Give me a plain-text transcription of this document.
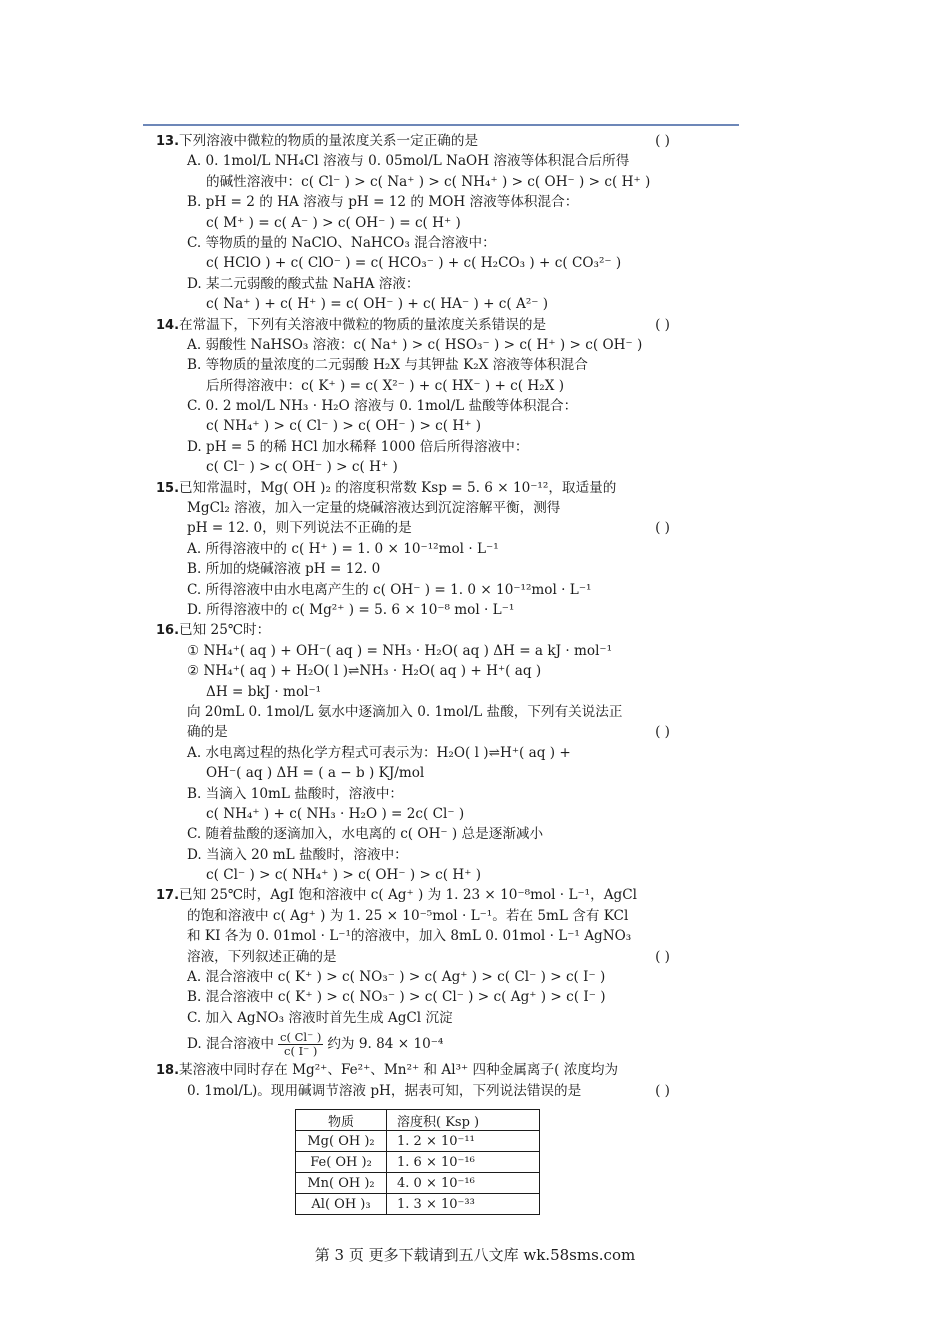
13.下列溶液中微粒的物质的量浓度关系一定正确的是	( )
A. 0. 1mol/L NH₄Cl 溶液与 0. 05mol/L NaOH 溶液等体积混合后所得
的碱性溶液中：c( Cl⁻ ) > c( Na⁺ ) > c( NH₄⁺ ) > c( OH⁻ ) > c( H⁺ )
B. pH = 2 的 HA 溶液与 pH = 12 的 MOH 溶液等体积混合：
c( M⁺ ) = c( A⁻ ) > c( OH⁻ ) = c( H⁺ )
C. 等物质的量的 NaClO、NaHCO₃ 混合溶液中：
c( HClO ) + c( ClO⁻ ) = c( HCO₃⁻ ) + c( H₂CO₃ ) + c( CO₃²⁻ )
D. 某二元弱酸的酸式盐 NaHA 溶液：
c( Na⁺ ) + c( H⁺ ) = c( OH⁻ ) + c( HA⁻ ) + c( A²⁻ )
14.在常温下，下列有关溶液中微粒的物质的量浓度关系错误的是	( )
A. 弱酸性 NaHSO₃ 溶液：c( Na⁺ ) > c( HSO₃⁻ ) > c( H⁺ ) > c( OH⁻ )
B. 等物质的量浓度的二元弱酸 H₂X 与其钾盐 K₂X 溶液等体积混合
后所得溶液中：c( K⁺ ) = c( X²⁻ ) + c( HX⁻ ) + c( H₂X )
C. 0. 2 mol/L NH₃ · H₂O 溶液与 0. 1mol/L 盐酸等体积混合：
c( NH₄⁺ ) > c( Cl⁻ ) > c( OH⁻ ) > c( H⁺ )
D. pH = 5 的稀 HCl 加水稀释 1000 倍后所得溶液中：
c( Cl⁻ ) > c( OH⁻ ) > c( H⁺ )
15.已知常温时，Mg( OH )₂ 的溶度积常数 Ksp = 5. 6 × 10⁻¹²，取适量的
MgCl₂ 溶液，加入一定量的烧碱溶液达到沉淀溶解平衡，测得
pH = 12. 0，则下列说法不正确的是	( )
A. 所得溶液中的 c( H⁺ ) = 1. 0 × 10⁻¹²mol · L⁻¹
B. 所加的烧碱溶液 pH = 12. 0
C. 所得溶液中由水电离产生的 c( OH⁻ ) = 1. 0 × 10⁻¹²mol · L⁻¹
D. 所得溶液中的 c( Mg²⁺ ) = 5. 6 × 10⁻⁸ mol · L⁻¹
16.已知 25℃时：
① NH₄⁺( aq ) + OH⁻( aq ) = NH₃ · H₂O( aq ) ΔH = a kJ · mol⁻¹
② NH₄⁺( aq ) + H₂O( l )⇌NH₃ · H₂O( aq ) + H⁺( aq )
ΔH = bkJ · mol⁻¹
向 20mL 0. 1mol/L 氨水中逐滴加入 0. 1mol/L 盐酸，下列有关说法正
确的是	( )
A. 水电离过程的热化学方程式可表示为：H₂O( l )⇌H⁺( aq ) +
OH⁻( aq ) ΔH = ( a − b ) KJ/mol
B. 当滴入 10mL 盐酸时，溶液中：
c( NH₄⁺ ) + c( NH₃ · H₂O ) = 2c( Cl⁻ )
C. 随着盐酸的逐滴加入，水电离的 c( OH⁻ ) 总是逐渐减小
D. 当滴入 20 mL 盐酸时，溶液中：
c( Cl⁻ ) > c( NH₄⁺ ) > c( OH⁻ ) > c( H⁺ )
17.已知 25℃时，AgI 饱和溶液中 c( Ag⁺ ) 为 1. 23 × 10⁻⁸mol · L⁻¹，AgCl
的饱和溶液中 c( Ag⁺ ) 为 1. 25 × 10⁻⁵mol · L⁻¹。若在 5mL 含有 KCl
和 KI 各为 0. 01mol · L⁻¹的溶液中，加入 8mL 0. 01mol · L⁻¹ AgNO₃
溶液，下列叙述正确的是	( )
A. 混合溶液中 c( K⁺ ) > c( NO₃⁻ ) > c( Ag⁺ ) > c( Cl⁻ ) > c( I⁻ )
B. 混合溶液中 c( K⁺ ) > c( NO₃⁻ ) > c( Cl⁻ ) > c( Ag⁺ ) > c( I⁻ )
C. 加入 AgNO₃ 溶液时首先生成 AgCl 沉淀
D. 混合溶液中 $\frac{c( Cl^- )}{c( I^- )}$ 约为 9. 84 × 10⁻⁴
18.某溶液中同时存在 Mg²⁺、Fe²⁺、Mn²⁺ 和 Al³⁺ 四种金属离子( 浓度均为
0. 1mol/L)。现用碱调节溶液 pH，据表可知，下列说法错误的是	( )
物质	溶度积( Ksp )
Mg( OH )₂	1. 2 × 10⁻¹¹
Fe( OH )₂	1. 6 × 10⁻¹⁶
Mn( OH )₂	4. 0 × 10⁻¹⁶
Al( OH )₃	1. 3 × 10⁻³³
第 3 页 更多下载请到五八文库 wk.58sms.com
